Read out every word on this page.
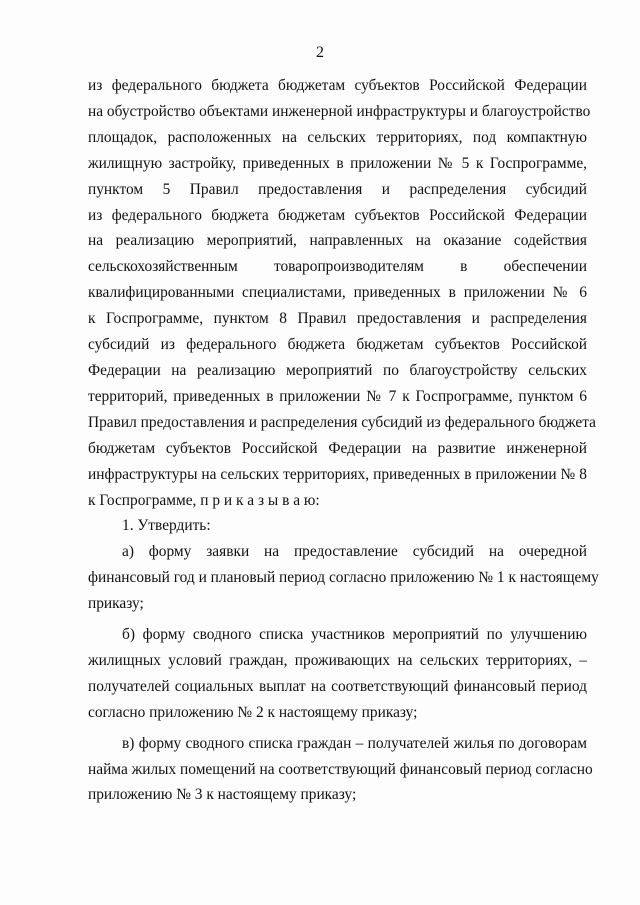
2
из федерального бюджета бюджетам субъектов Российской Федерации
на обустройство объектами инженерной инфраструктуры и благоустройство
площадок, расположенных на сельских территориях, под компактную
жилищную застройку, приведенных в приложении № 5 к Госпрограмме,
пунктом 5 Правил предоставления и распределения субсидий
из федерального бюджета бюджетам субъектов Российской Федерации
на реализацию мероприятий, направленных на оказание содействия
сельскохозяйственным товаропроизводителям в обеспечении
квалифицированными специалистами, приведенных в приложении № 6
к Госпрограмме, пунктом 8 Правил предоставления и распределения
субсидий из федерального бюджета бюджетам субъектов Российской
Федерации на реализацию мероприятий по благоустройству сельских
территорий, приведенных в приложении № 7 к Госпрограмме, пунктом 6
Правил предоставления и распределения субсидий из федерального бюджета
бюджетам субъектов Российской Федерации на развитие инженерной
инфраструктуры на сельских территориях, приведенных в приложении № 8
к Госпрограмме, п р и к а з ы в а ю:
1. Утвердить:
а) форму заявки на предоставление субсидий на очередной
финансовый год и плановый период согласно приложению № 1 к настоящему
приказу;
б) форму сводного списка участников мероприятий по улучшению
жилищных условий граждан, проживающих на сельских территориях, –
получателей социальных выплат на соответствующий финансовый период
согласно приложению № 2 к настоящему приказу;
в) форму сводного списка граждан – получателей жилья по договорам
найма жилых помещений на соответствующий финансовый период согласно
приложению № 3 к настоящему приказу;
